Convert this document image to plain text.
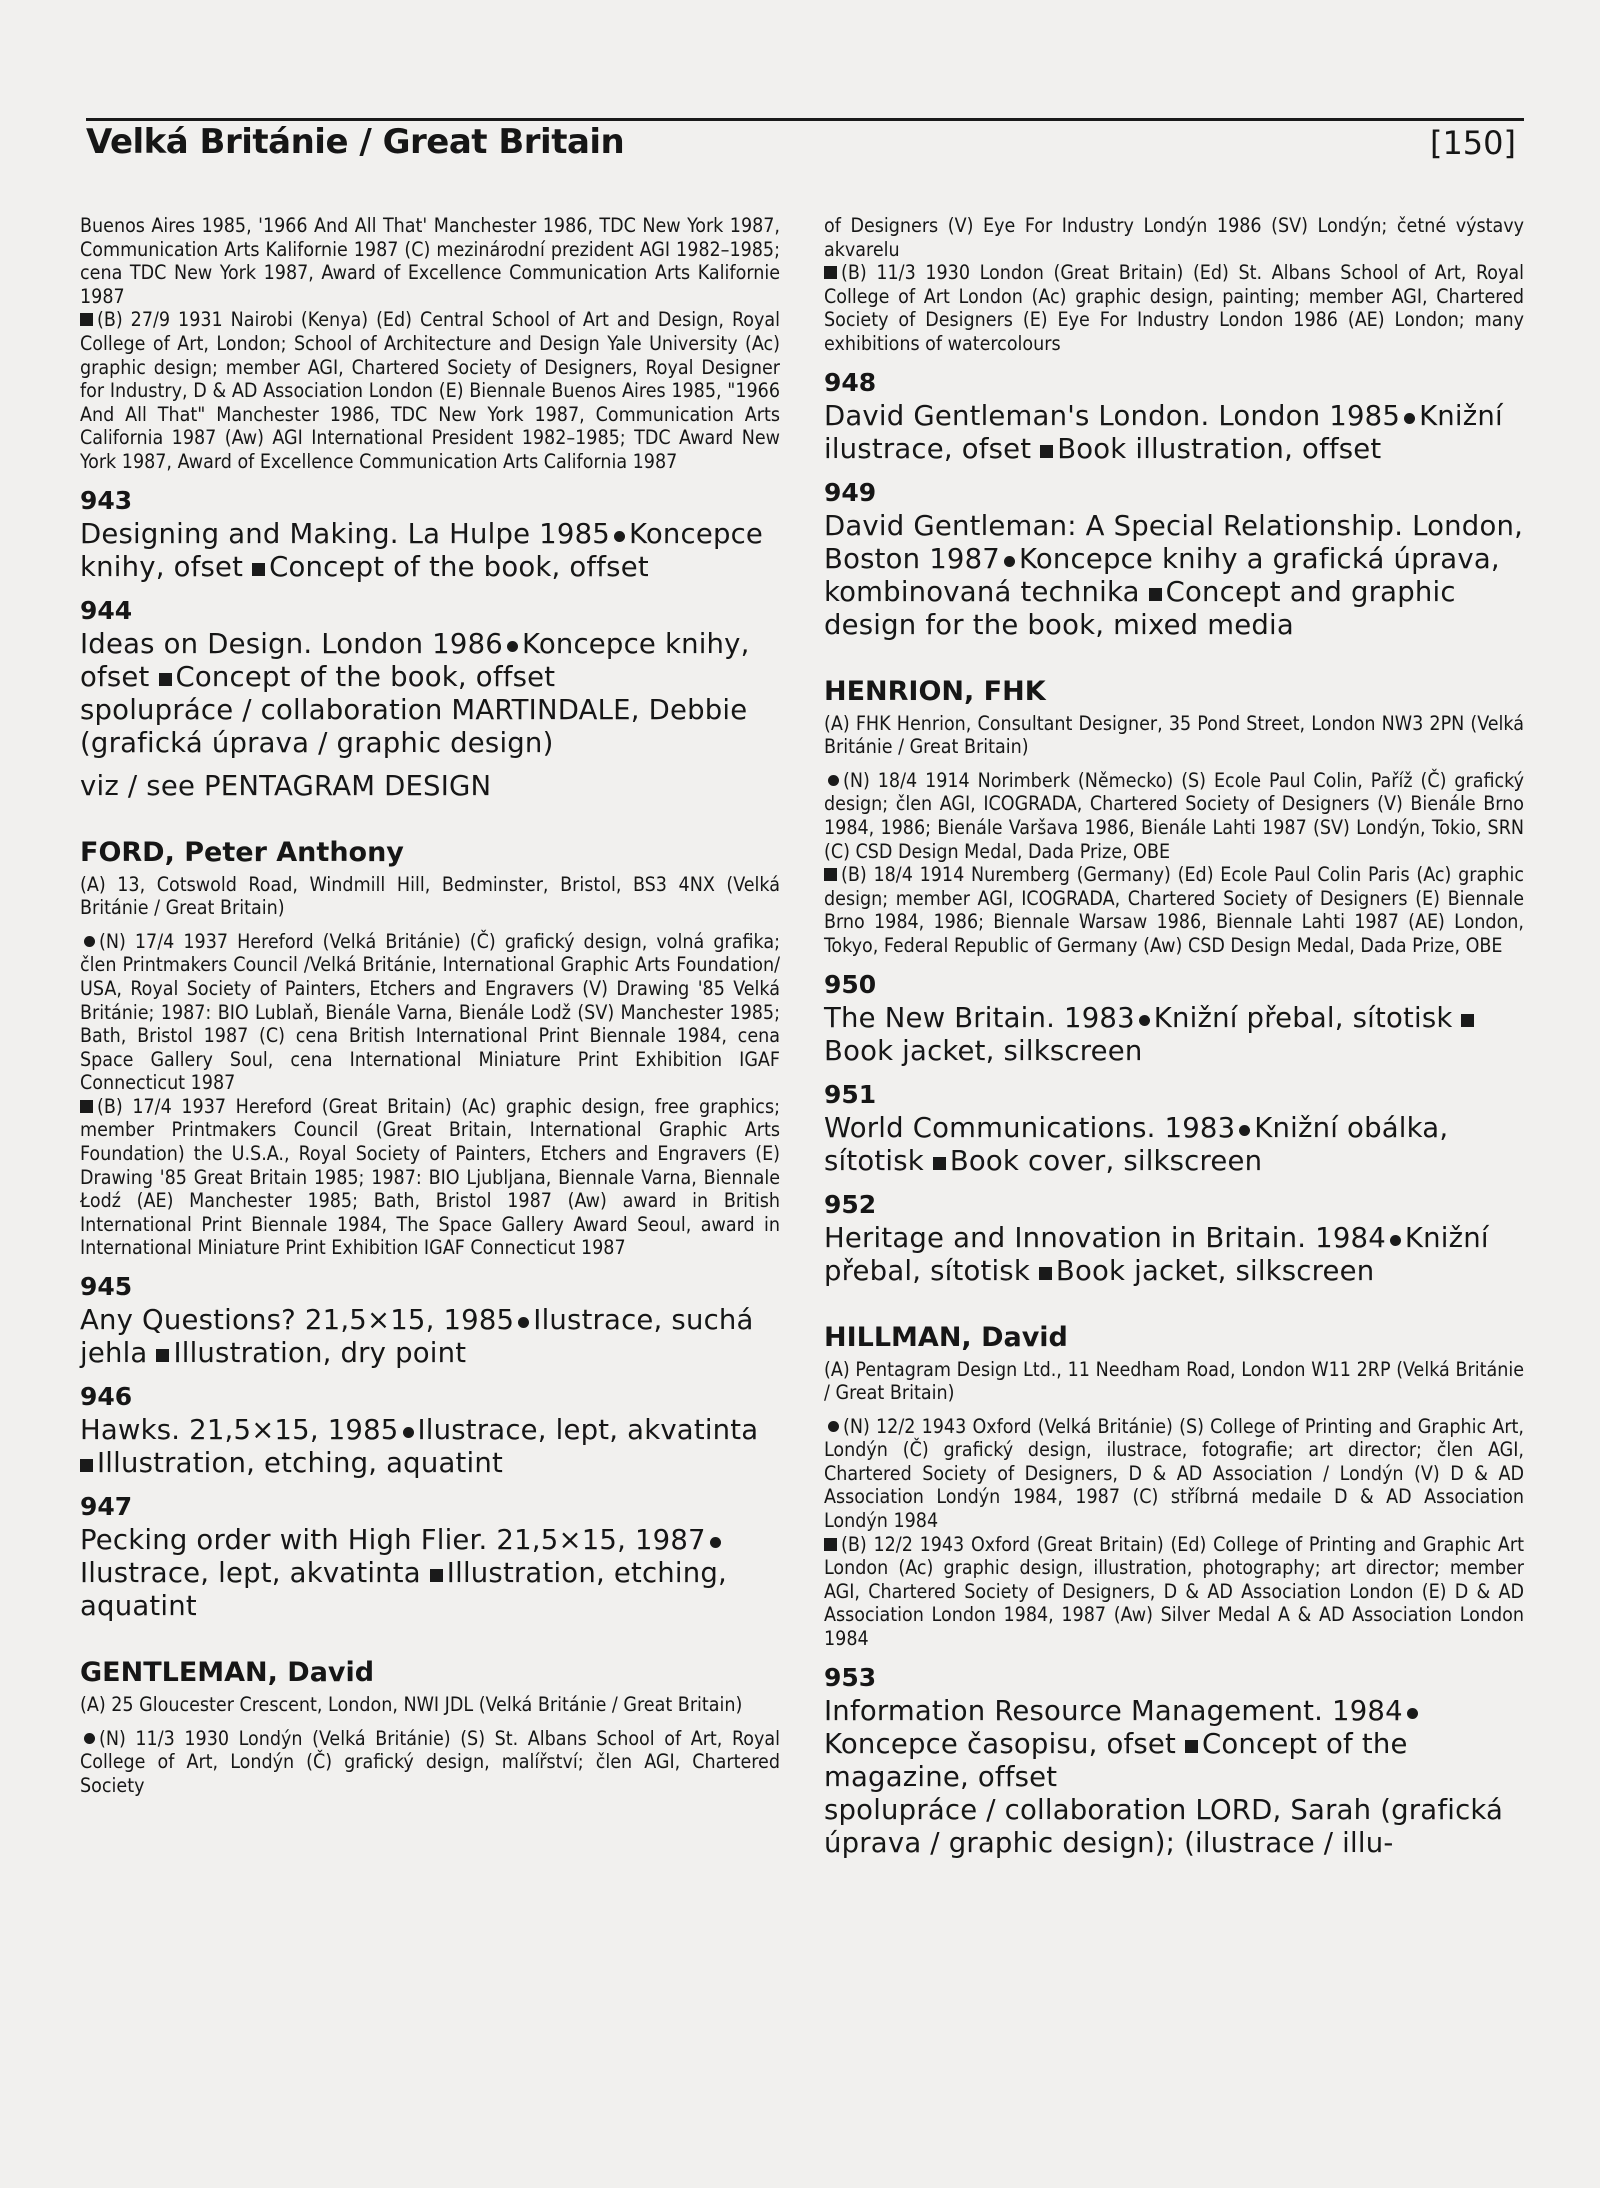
Velká Británie / Great Britain	[150]

Buenos Aires 1985, '1966 And All That' Manchester 1986, TDC New York 1987, Communication Arts Kalifornie 1987 (C) mezinárodní prezident AGI 1982–1985; cena TDC New York 1987, Award of Excellence Communication Arts Kalifornie 1987

(B) 27/9 1931 Nairobi (Kenya) (Ed) Central School of Art and Design, Royal College of Art, London; School of Architecture and Design Yale University (Ac) graphic design; member AGI, Chartered Society of Designers, Royal Designer for Industry, D & AD Association London (E) Biennale Buenos Aires 1985, "1966 And All That" Manchester 1986, TDC New York 1987, Communication Arts California 1987 (Aw) AGI International President 1982–1985; TDC Award New York 1987, Award of Excellence Communication Arts California 1987

943

Designing and Making. La Hulpe 1985 Koncepce knihy, ofset Concept of the book, offset

944

Ideas on Design. London 1986 Koncepce knihy, ofset Concept of the book, offset

spolupráce / collaboration MARTINDALE, Debbie (grafická úprava / graphic design)

viz / see PENTAGRAM DESIGN

FORD, Peter Anthony

(A) 13, Cotswold Road, Windmill Hill, Bedminster, Bristol, BS3 4NX (Velká Británie / Great Britain)

(N) 17/4 1937 Hereford (Velká Británie) (Č) grafický design, volná grafika; člen Printmakers Council /Velká Británie, International Graphic Arts Foundation/ USA, Royal Society of Painters, Etchers and Engravers (V) Drawing '85 Velká Británie; 1987: BIO Lublaň, Bienále Varna, Bienále Lodž (SV) Manchester 1985; Bath, Bristol 1987 (C) cena British International Print Biennale 1984, cena Space Gallery Soul, cena International Miniature Print Exhibition IGAF Connecticut 1987

(B) 17/4 1937 Hereford (Great Britain) (Ac) graphic design, free graphics; member Printmakers Council (Great Britain, International Graphic Arts Foundation) the U.S.A., Royal Society of Painters, Etchers and Engravers (E) Drawing '85 Great Britain 1985; 1987: BIO Ljubljana, Biennale Varna, Biennale Łodź (AE) Manchester 1985; Bath, Bristol 1987 (Aw) award in British International Print Biennale 1984, The Space Gallery Award Seoul, award in International Miniature Print Exhibition IGAF Connecticut 1987

945

Any Questions? 21,5×15, 1985 Ilustrace, suchá jehla Illustration, dry point

946

Hawks. 21,5×15, 1985 Ilustrace, lept, akvatinta Illustration, etching, aquatint

947

Pecking order with High Flier. 21,5×15, 1987Ilustrace, lept, akvatinta Illustration, etching, aquatint

GENTLEMAN, David

(A) 25 Gloucester Crescent, London, NWI JDL (Velká Británie / Great Britain)

(N) 11/3 1930 Londýn (Velká Británie) (S) St. Albans School of Art, Royal College of Art, Londýn (Č) grafický design, malířství; člen AGI, Chartered Society

of Designers (V) Eye For Industry Londýn 1986 (SV) Londýn; četné výstavy akvarelu

(B) 11/3 1930 London (Great Britain) (Ed) St. Albans School of Art, Royal College of Art London (Ac) graphic design, painting; member AGI, Chartered Society of Designers (E) Eye For Industry London 1986 (AE) London; many exhibitions of watercolours

948

David Gentleman's London. London 1985 Knižní ilustrace, ofset Book illustration, offset

949

David Gentleman: A Special Relationship. London, Boston 1987 Koncepce knihy a grafická úprava, kombinovaná technika Concept and graphic design for the book, mixed media

HENRION, FHK

(A) FHK Henrion, Consultant Designer, 35 Pond Street, London NW3 2PN (Velká Británie / Great Britain)

(N) 18/4 1914 Norimberk (Německo) (S) Ecole Paul Colin, Paříž (Č) grafický design; člen AGI, ICOGRADA, Chartered Society of Designers (V) Bienále Brno 1984, 1986; Bienále Varšava 1986, Bienále Lahti 1987 (SV) Londýn, Tokio, SRN (C) CSD Design Medal, Dada Prize, OBE

(B) 18/4 1914 Nuremberg (Germany) (Ed) Ecole Paul Colin Paris (Ac) graphic design; member AGI, ICOGRADA, Chartered Society of Designers (E) Biennale Brno 1984, 1986; Biennale Warsaw 1986, Biennale Lahti 1987 (AE) London, Tokyo, Federal Republic of Germany (Aw) CSD Design Medal, Dada Prize, OBE

950

The New Britain. 1983 Knižní přebal, sítotisk Book jacket, silkscreen

951

World Communications. 1983 Knižní obálka, sítotisk Book cover, silkscreen

952

Heritage and Innovation in Britain. 1984 Knižní přebal, sítotisk Book jacket, silkscreen

HILLMAN, David

(A) Pentagram Design Ltd., 11 Needham Road, London W11 2RP (Velká Británie / Great Britain)

(N) 12/2 1943 Oxford (Velká Británie) (S) College of Printing and Graphic Art, Londýn (Č) grafický design, ilustrace, fotografie; art director; člen AGI, Chartered Society of Designers, D & AD Association / Londýn (V) D & AD Association Londýn 1984, 1987 (C) stříbrná medaile D & AD Association Londýn 1984

(B) 12/2 1943 Oxford (Great Britain) (Ed) College of Printing and Graphic Art London (Ac) graphic design, illustration, photography; art director; member AGI, Chartered Society of Designers, D & AD Association London (E) D & AD Association London 1984, 1987 (Aw) Silver Medal A & AD Association London 1984

953

Information Resource Management. 1984Koncepce časopisu, ofset Concept of the magazine, offset

spolupráce / collaboration LORD, Sarah (grafická úprava / graphic design); (ilustrace / illu-
